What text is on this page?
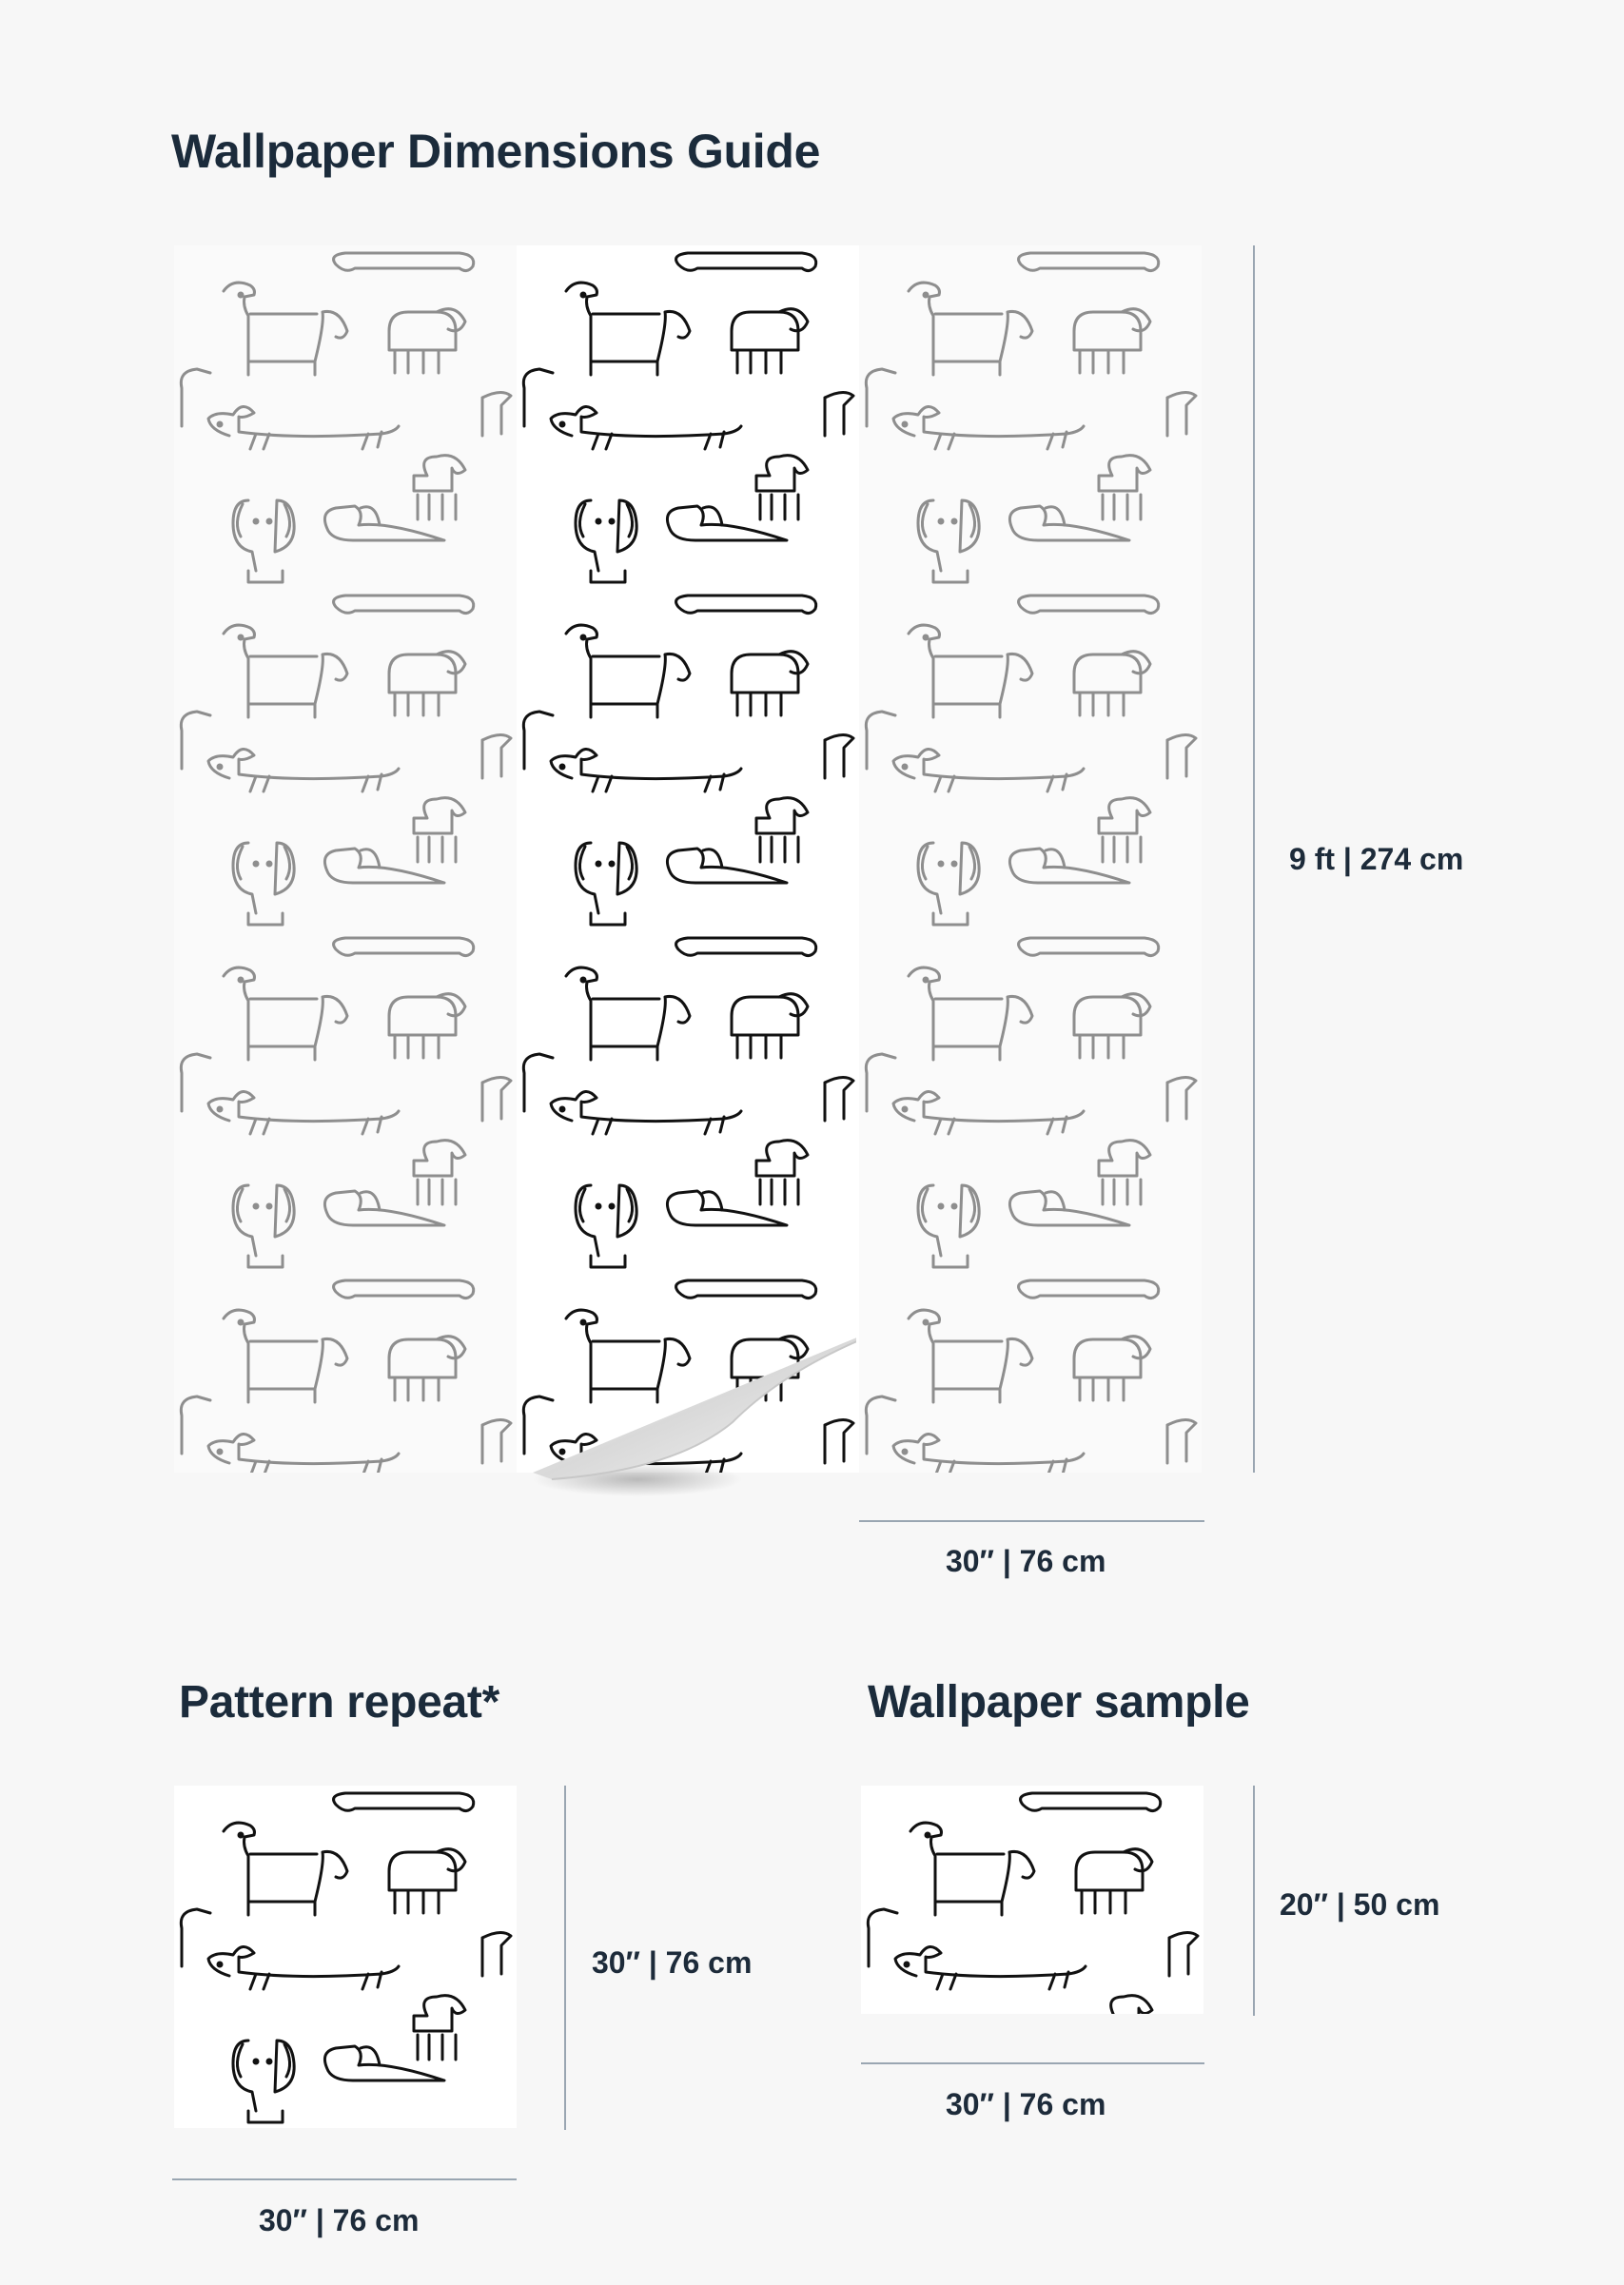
Wallpaper Dimensions Guide
9 ft | 274 cm
30″ | 76 cm
Pattern repeat*
30″ | 76 cm
30″ | 76 cm
Wallpaper sample
20″ | 50 cm
30″ | 76 cm
